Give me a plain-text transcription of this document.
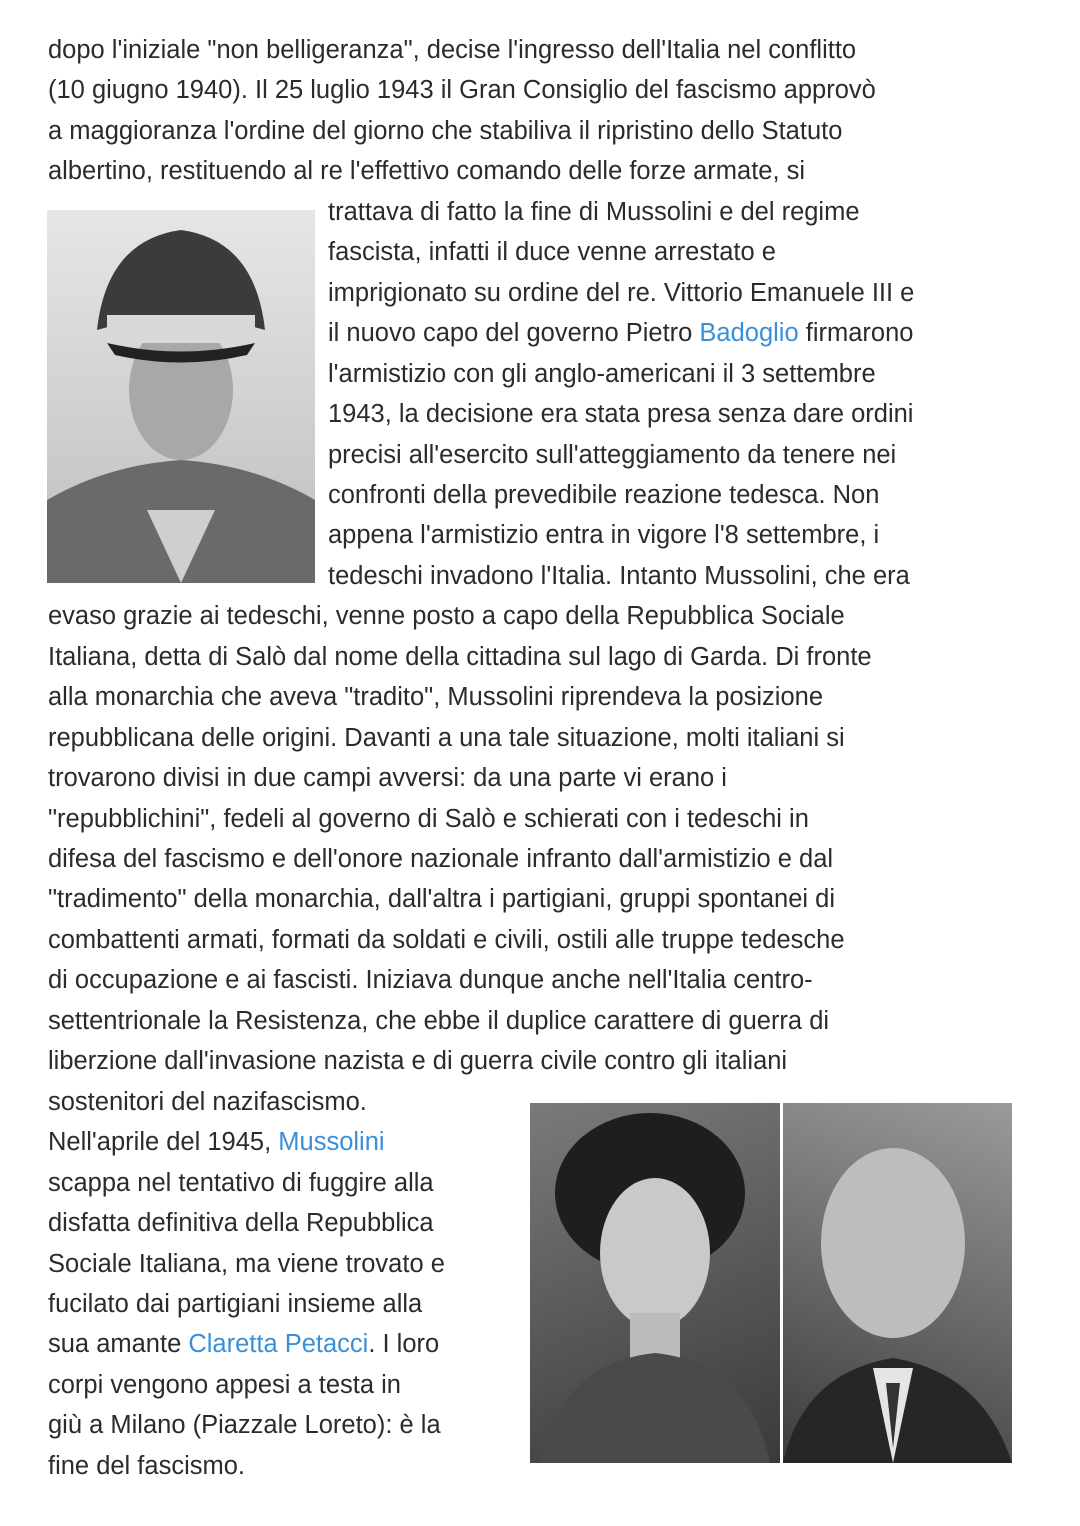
dopo l'iniziale "non belligeranza", decise l'ingresso dell'Italia nel conflitto
(10 giugno 1940). Il 25 luglio 1943 il Gran Consiglio del fascismo approvò
a maggioranza l'ordine del giorno che stabiliva il ripristino dello Statuto
albertino, restituendo al re l'effettivo comando delle forze armate, si
trattava di fatto la fine di Mussolini e del regime
fascista, infatti il duce venne arrestato e
imprigionato su ordine del re. Vittorio Emanuele III e
il nuovo capo del governo Pietro Badoglio firmarono
l'armistizio con gli anglo-americani il 3 settembre
1943, la decisione era stata presa senza dare ordini
precisi all'esercito sull'atteggiamento da tenere nei
confronti della prevedibile reazione tedesca. Non
appena l'armistizio entra in vigore l'8 settembre, i
tedeschi invadono l'Italia. Intanto Mussolini, che era
evaso grazie ai tedeschi, venne posto a capo della Repubblica Sociale
Italiana, detta di Salò dal nome della cittadina sul lago di Garda. Di fronte
alla monarchia che aveva "tradito", Mussolini riprendeva la posizione
repubblicana delle origini. Davanti a una tale situazione, molti italiani si
trovarono divisi in due campi avversi: da una parte vi erano i
"repubblichini", fedeli al governo di Salò e schierati con i tedeschi in
difesa del fascismo e dell'onore nazionale infranto dall'armistizio e dal
"tradimento" della monarchia, dall'altra i partigiani, gruppi spontanei di
combattenti armati, formati da soldati e civili, ostili alle truppe tedesche
di occupazione e ai fascisti. Iniziava dunque anche nell'Italia centro-
settentrionale la Resistenza, che ebbe il duplice carattere di guerra di
liberzione dall'invasione nazista e di guerra civile contro gli italiani
sostenitori del nazifascismo.
Nell'aprile del 1945, Mussolini
scappa nel tentativo di fuggire alla
disfatta definitiva della Repubblica
Sociale Italiana, ma viene trovato e
fucilato dai partigiani insieme alla
sua amante Claretta Petacci. I loro
corpi vengono appesi a testa in
giù a Milano (Piazzale Loreto): è la
fine del fascismo.
